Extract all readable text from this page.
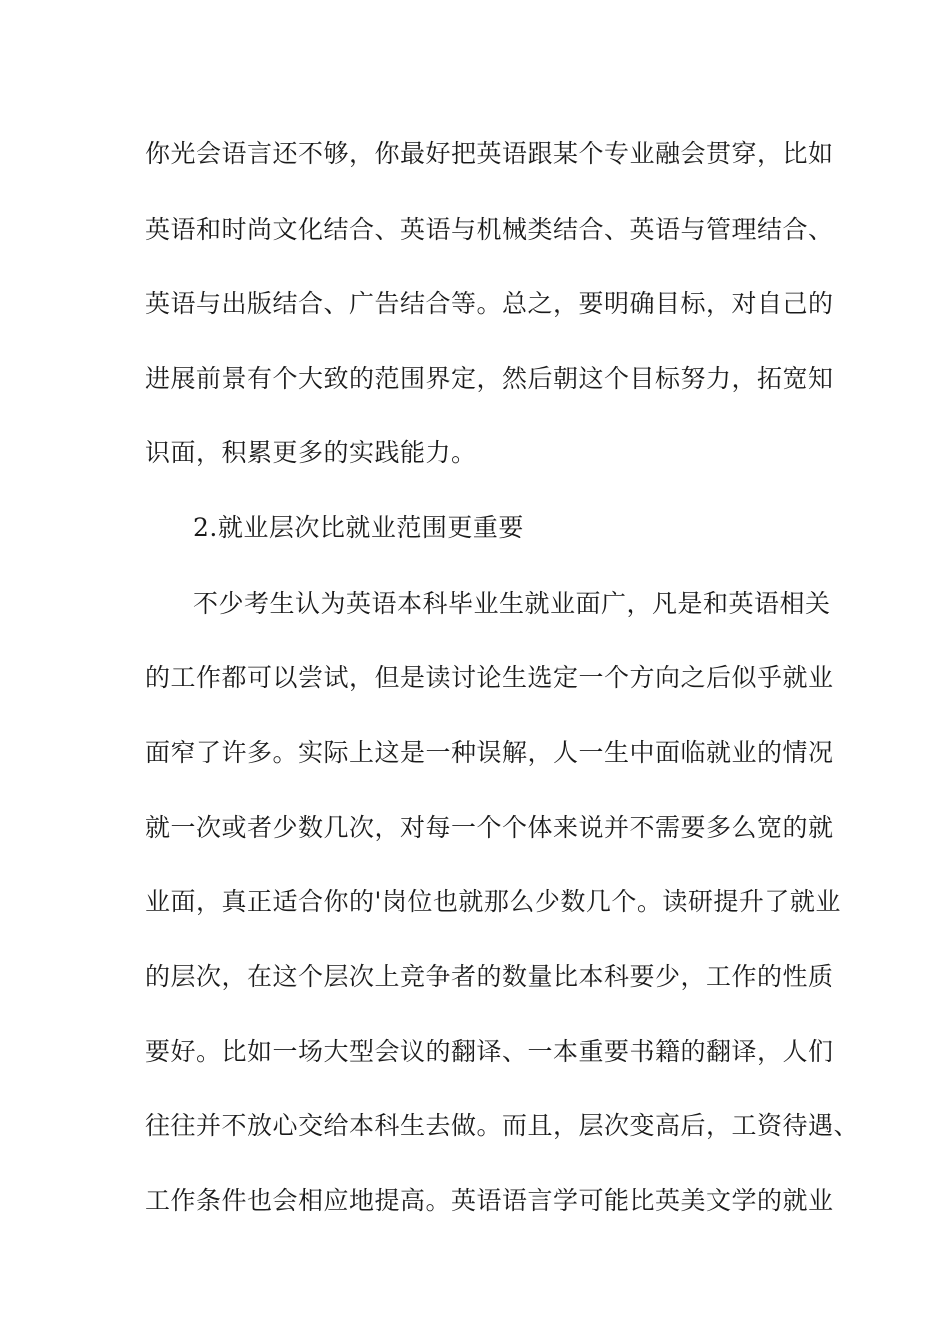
你光会语言还不够，你最好把英语跟某个专业融会贯穿，比如
英语和时尚文化结合、英语与机械类结合、英语与管理结合、
英语与出版结合、广告结合等。总之，要明确目标，对自己的
进展前景有个大致的范围界定，然后朝这个目标努力，拓宽知
识面，积累更多的实践能力。
2.就业层次比就业范围更重要
不少考生认为英语本科毕业生就业面广，凡是和英语相关
的工作都可以尝试，但是读讨论生选定一个方向之后似乎就业
面窄了许多。实际上这是一种误解，人一生中面临就业的情况
就一次或者少数几次，对每一个个体来说并不需要多么宽的就
业面，真正适合你的'岗位也就那么少数几个。读研提升了就业
的层次，在这个层次上竞争者的数量比本科要少，工作的性质
要好。比如一场大型会议的翻译、一本重要书籍的翻译，人们
往往并不放心交给本科生去做。而且，层次变高后，工资待遇、
工作条件也会相应地提高。英语语言学可能比英美文学的就业
